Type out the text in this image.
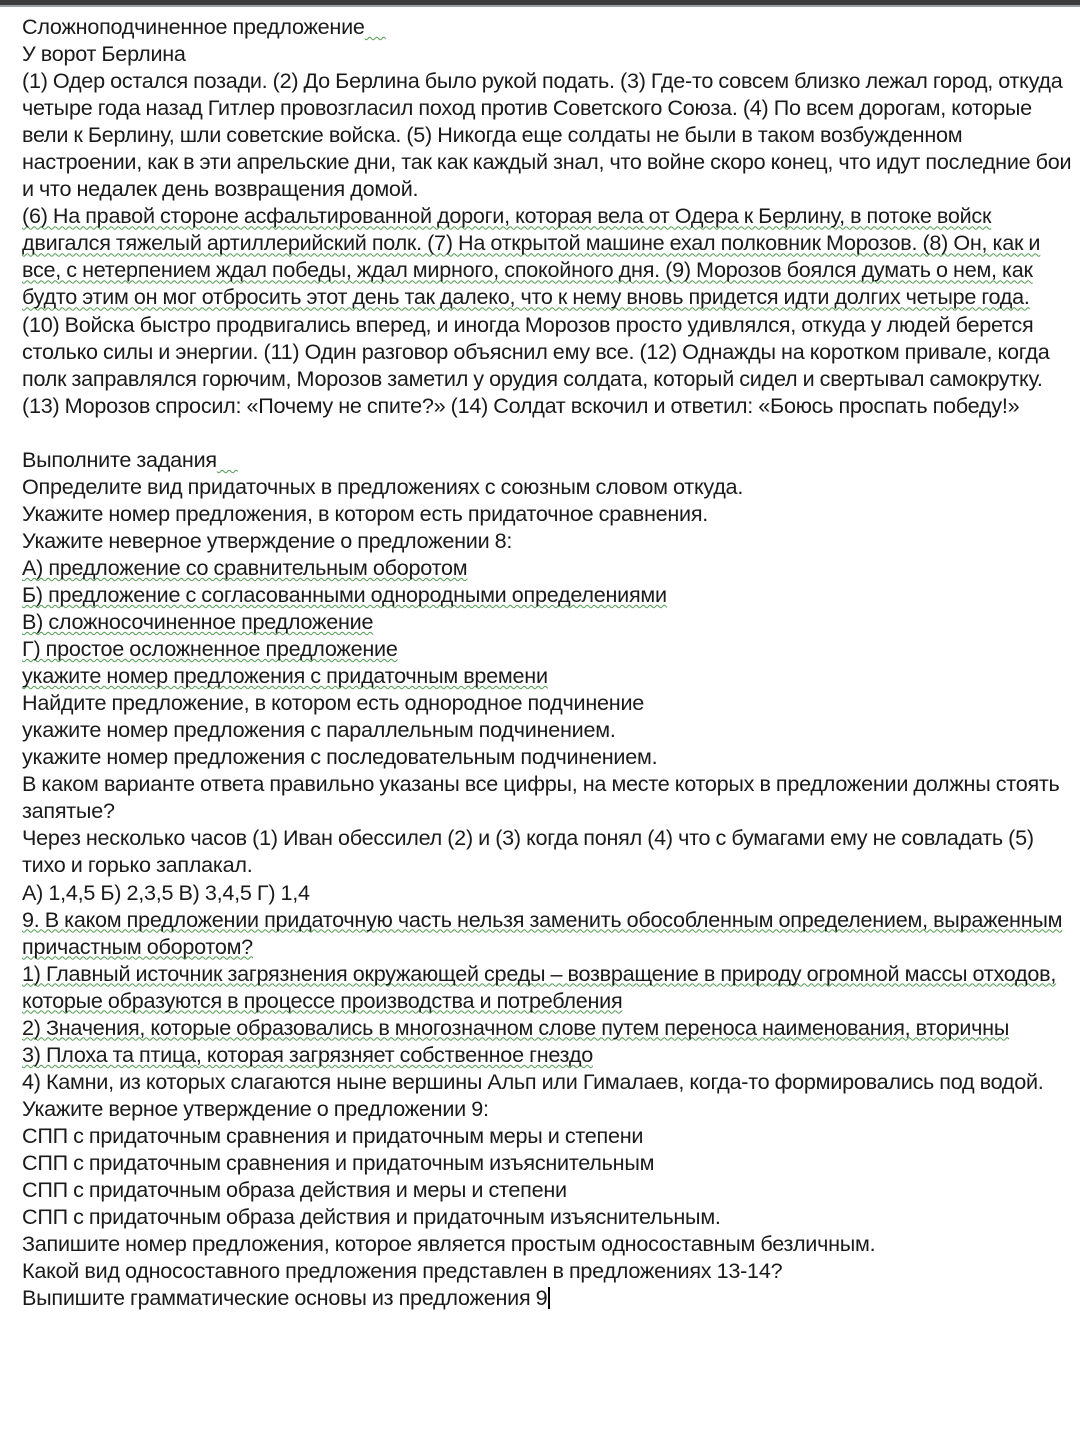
Сложноподчиненное предложение

У ворот Берлина

(1) Одер остался позади. (2) До Берлина было рукой подать. (3) Где-то совсем близко лежал город, откуда четыре года назад Гитлер провозгласил поход против Советского Союза. (4) По всем дорогам, которые вели к Берлину, шли советские войска. (5) Никогда еще солдаты не были в таком возбужденном настроении, как в эти апрельские дни, так как каждый знал, что войне скоро конец, что идут последние бои и что недалек день возвращения домой.

(6) На правой стороне асфальтированной дороги, которая вела от Одера к Берлину, в потоке войск двигался тяжелый артиллерийский полк. (7) На открытой машине ехал полковник Морозов. (8) Он, как и все, с нетерпением ждал победы, ждал мирного, спокойного дня. (9) Морозов боялся думать о нем, как будто этим он мог отбросить этот день так далеко, что к нему вновь придется идти долгих четыре года.

(10) Войска быстро продвигались вперед, и иногда Морозов просто удивлялся, откуда у людей берется столько силы и энергии. (11) Один разговор объяснил ему все. (12) Однажды на коротком привале, когда полк заправлялся горючим, Морозов заметил у орудия солдата, который сидел и свертывал самокрутку. (13) Морозов спросил: «Почему не спите?» (14) Солдат вскочил и ответил: «Боюсь проспать победу!»

Выполните задания

Определите вид придаточных в предложениях с союзным словом откуда.

Укажите номер предложения, в котором есть придаточное сравнения.

Укажите неверное утверждение о предложении 8:

А) предложение со сравнительным оборотом

Б) предложение с согласованными однородными определениями

В) сложносочиненное предложение

Г) простое осложненное предложение

укажите номер предложения с придаточным времени

Найдите предложение, в котором есть однородное подчинение

укажите номер предложения с параллельным подчинением.

укажите номер предложения с последовательным подчинением.

В каком варианте ответа правильно указаны все цифры, на месте которых в предложении должны стоять запятые?

Через несколько часов (1) Иван обессилел (2) и (3) когда понял (4) что с бумагами ему не совладать (5) тихо и горько заплакал.

А) 1,4,5 Б) 2,3,5 В) 3,4,5 Г) 1,4

9. В каком предложении придаточную часть нельзя заменить обособленным определением, выраженным причастным оборотом?

1) Главный источник загрязнения окружающей среды – возвращение в природу огромной массы отходов, которые образуются в процессе производства и потребления

2) Значения, которые образовались в многозначном слове путем переноса наименования, вторичны

3) Плоха та птица, которая загрязняет собственное гнездо

4) Камни, из которых слагаются ныне вершины Альп или Гималаев, когда-то формировались под водой.

Укажите верное утверждение о предложении 9:

СПП с придаточным сравнения и придаточным меры и степени

СПП с придаточным сравнения и придаточным изъяснительным

СПП с придаточным образа действия и меры и степени

СПП с придаточным образа действия и придаточным изъяснительным.

Запишите номер предложения, которое является простым односоставным безличным.

Какой вид односоставного предложения представлен в предложениях 13-14?

Выпишите грамматические основы из предложения 9
